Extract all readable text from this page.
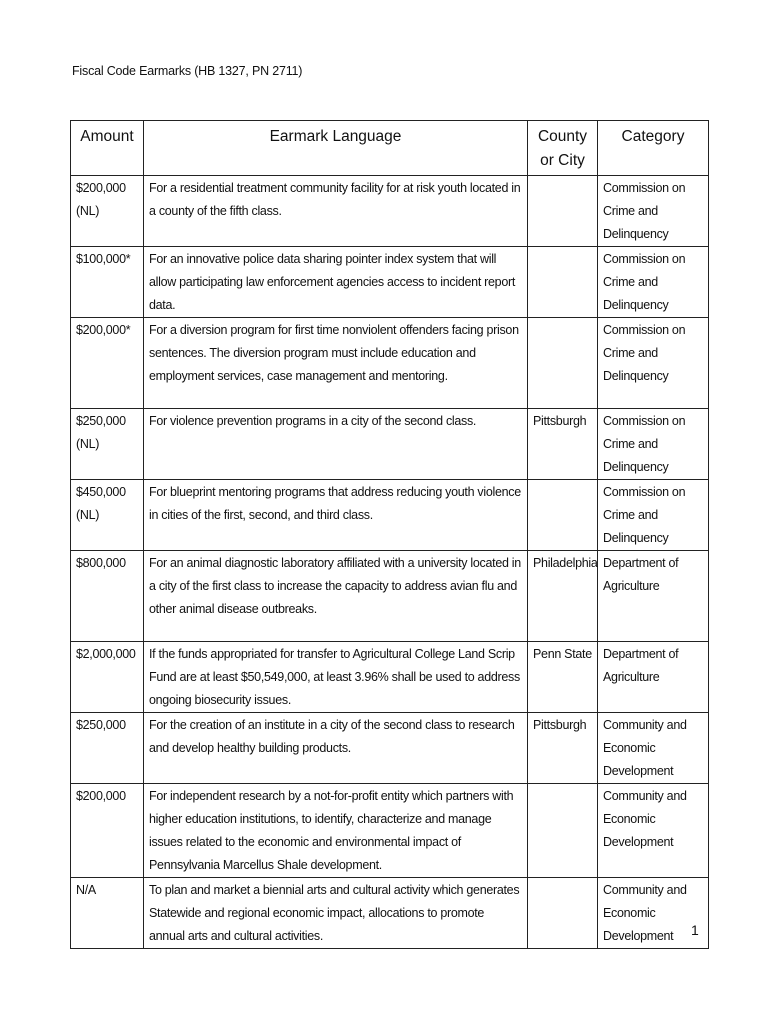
Fiscal Code Earmarks (HB 1327, PN 2711)
Amount	Earmark Language	County or City	Category
$200,000 (NL)	For a residential treatment community facility for at risk youth located in a county of the fifth class.		Commission on Crime and Delinquency
$100,000*	For an innovative police data sharing pointer index system that will allow participating law enforcement agencies access to incident report data.		Commission on Crime and Delinquency
$200,000*	For a diversion program for first time nonviolent offenders facing prison sentences. The diversion program must include education and employment services, case management and mentoring.		Commission on Crime and Delinquency
$250,000 (NL)	For violence prevention programs in a city of the second class.	Pittsburgh	Commission on Crime and Delinquency
$450,000 (NL)	For blueprint mentoring programs that address reducing youth violence in cities of the first, second, and third class.		Commission on Crime and Delinquency
$800,000	For an animal diagnostic laboratory affiliated with a university located in a city of the first class to increase the capacity to address avian flu and other animal disease outbreaks.	Philadelphia	Department of Agriculture
$2,000,000	If the funds appropriated for transfer to Agricultural College Land Scrip Fund are at least $50,549,000, at least 3.96% shall be used to address ongoing biosecurity issues.	Penn State	Department of Agriculture
$250,000	For the creation of an institute in a city of the second class to research and develop healthy building products.	Pittsburgh	Community and Economic Development
$200,000	For independent research by a not-for-profit entity which partners with higher education institutions, to identify, characterize and manage issues related to the economic and environmental impact of Pennsylvania Marcellus Shale development.		Community and Economic Development
N/A	To plan and market a biennial arts and cultural activity which generates Statewide and regional economic impact, allocations to promote annual arts and cultural activities.		Community and Economic Development 1
